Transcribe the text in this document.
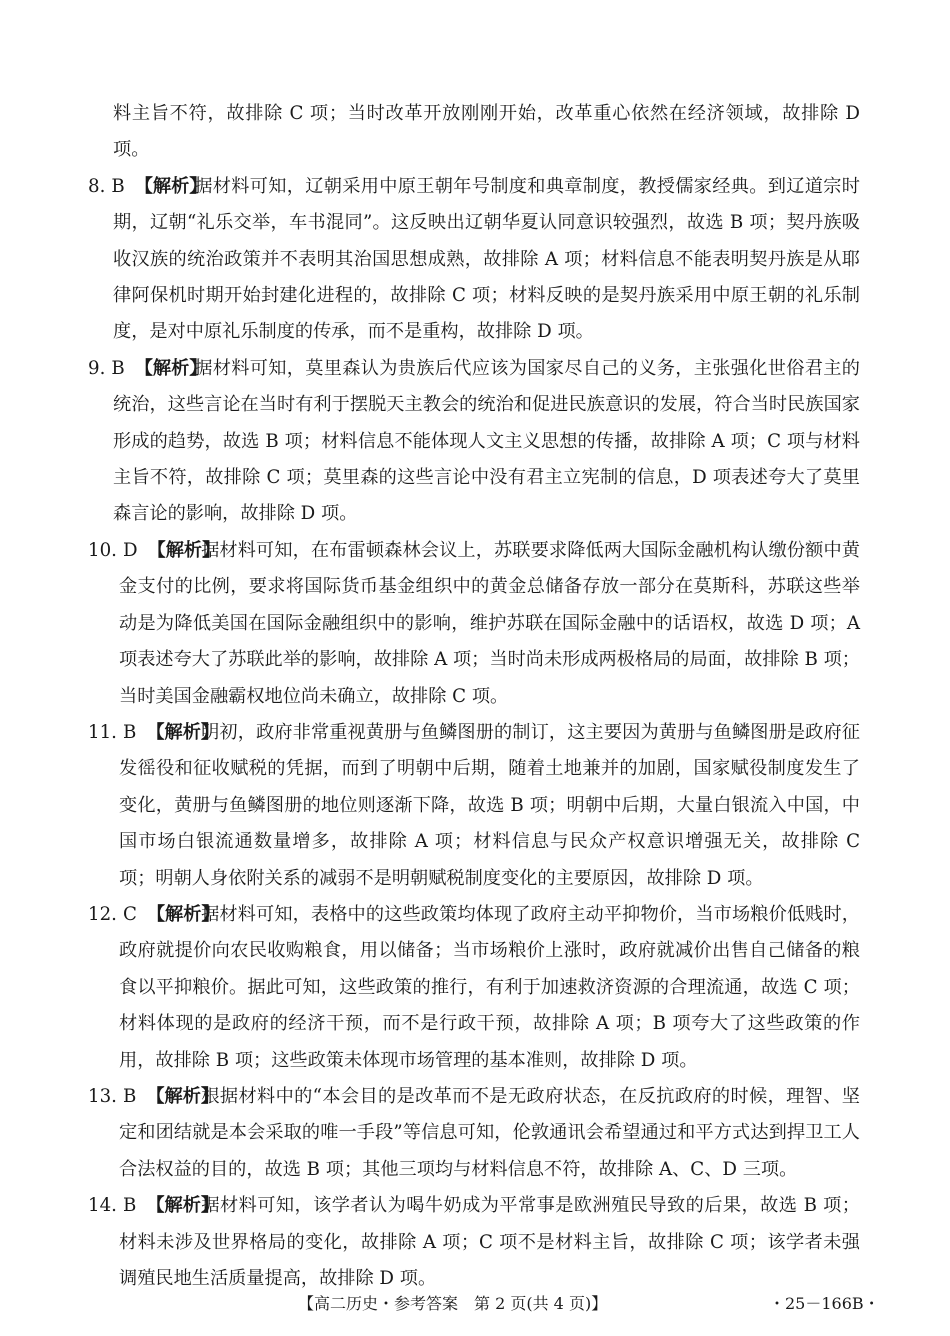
料主旨不符，故排除 C 项；当时改革开放刚刚开始，改革重心依然在经济领域，故排除 D 项。
8. B 【解析】
据材料可知，辽朝采用中原王朝年号制度和典章制度，教授儒家经典。到辽道宗时期，辽朝“礼乐交举，车书混同”。这反映出辽朝华夏认同意识较强烈，故选 B 项；契丹族吸收汉族的统治政策并不表明其治国思想成熟，故排除 A 项；材料信息不能表明契丹族是从耶律阿保机时期开始封建化进程的，故排除 C 项；材料反映的是契丹族采用中原王朝的礼乐制度，是对中原礼乐制度的传承，而不是重构，故排除 D 项。
9. B 【解析】
据材料可知，莫里森认为贵族后代应该为国家尽自己的义务，主张强化世俗君主的统治，这些言论在当时有利于摆脱天主教会的统治和促进民族意识的发展，符合当时民族国家形成的趋势，故选 B 项；材料信息不能体现人文主义思想的传播，故排除 A 项；C 项与材料主旨不符，故排除 C 项；莫里森的这些言论中没有君主立宪制的信息，D 项表述夸大了莫里森言论的影响，故排除 D 项。
10. D 【解析】
据材料可知，在布雷顿森林会议上，苏联要求降低两大国际金融机构认缴份额中黄金支付的比例，要求将国际货币基金组织中的黄金总储备存放一部分在莫斯科，苏联这些举动是为降低美国在国际金融组织中的影响，维护苏联在国际金融中的话语权，故选 D 项；A 项表述夸大了苏联此举的影响，故排除 A 项；当时尚未形成两极格局的局面，故排除 B 项；当时美国金融霸权地位尚未确立，故排除 C 项。
11. B 【解析】
明初，政府非常重视黄册与鱼鳞图册的制订，这主要因为黄册与鱼鳞图册是政府征发徭役和征收赋税的凭据，而到了明朝中后期，随着土地兼并的加剧，国家赋役制度发生了变化，黄册与鱼鳞图册的地位则逐渐下降，故选 B 项；明朝中后期，大量白银流入中国，中国市场白银流通数量增多，故排除 A 项；材料信息与民众产权意识增强无关，故排除 C 项；明朝人身依附关系的减弱不是明朝赋税制度变化的主要原因，故排除 D 项。
12. C 【解析】
据材料可知，表格中的这些政策均体现了政府主动平抑物价，当市场粮价低贱时，政府就提价向农民收购粮食，用以储备；当市场粮价上涨时，政府就减价出售自己储备的粮食以平抑粮价。据此可知，这些政策的推行，有利于加速救济资源的合理流通，故选 C 项；材料体现的是政府的经济干预，而不是行政干预，故排除 A 项；B 项夸大了这些政策的作用，故排除 B 项；这些政策未体现市场管理的基本准则，故排除 D 项。
13. B 【解析】
根据材料中的“本会目的是改革而不是无政府状态，在反抗政府的时候，理智、坚定和团结就是本会采取的唯一手段”等信息可知，伦敦通讯会希望通过和平方式达到捍卫工人合法权益的目的，故选 B 项；其他三项均与材料信息不符，故排除 A、C、D 三项。
14. B 【解析】
据材料可知，该学者认为喝牛奶成为平常事是欧洲殖民导致的后果，故选 B 项；材料未涉及世界格局的变化，故排除 A 项；C 项不是材料主旨，故排除 C 项；该学者未强调殖民地生活质量提高，故排除 D 项。
【高二历史・参考答案　第 2 页(共 4 页)】	・25－166B・
